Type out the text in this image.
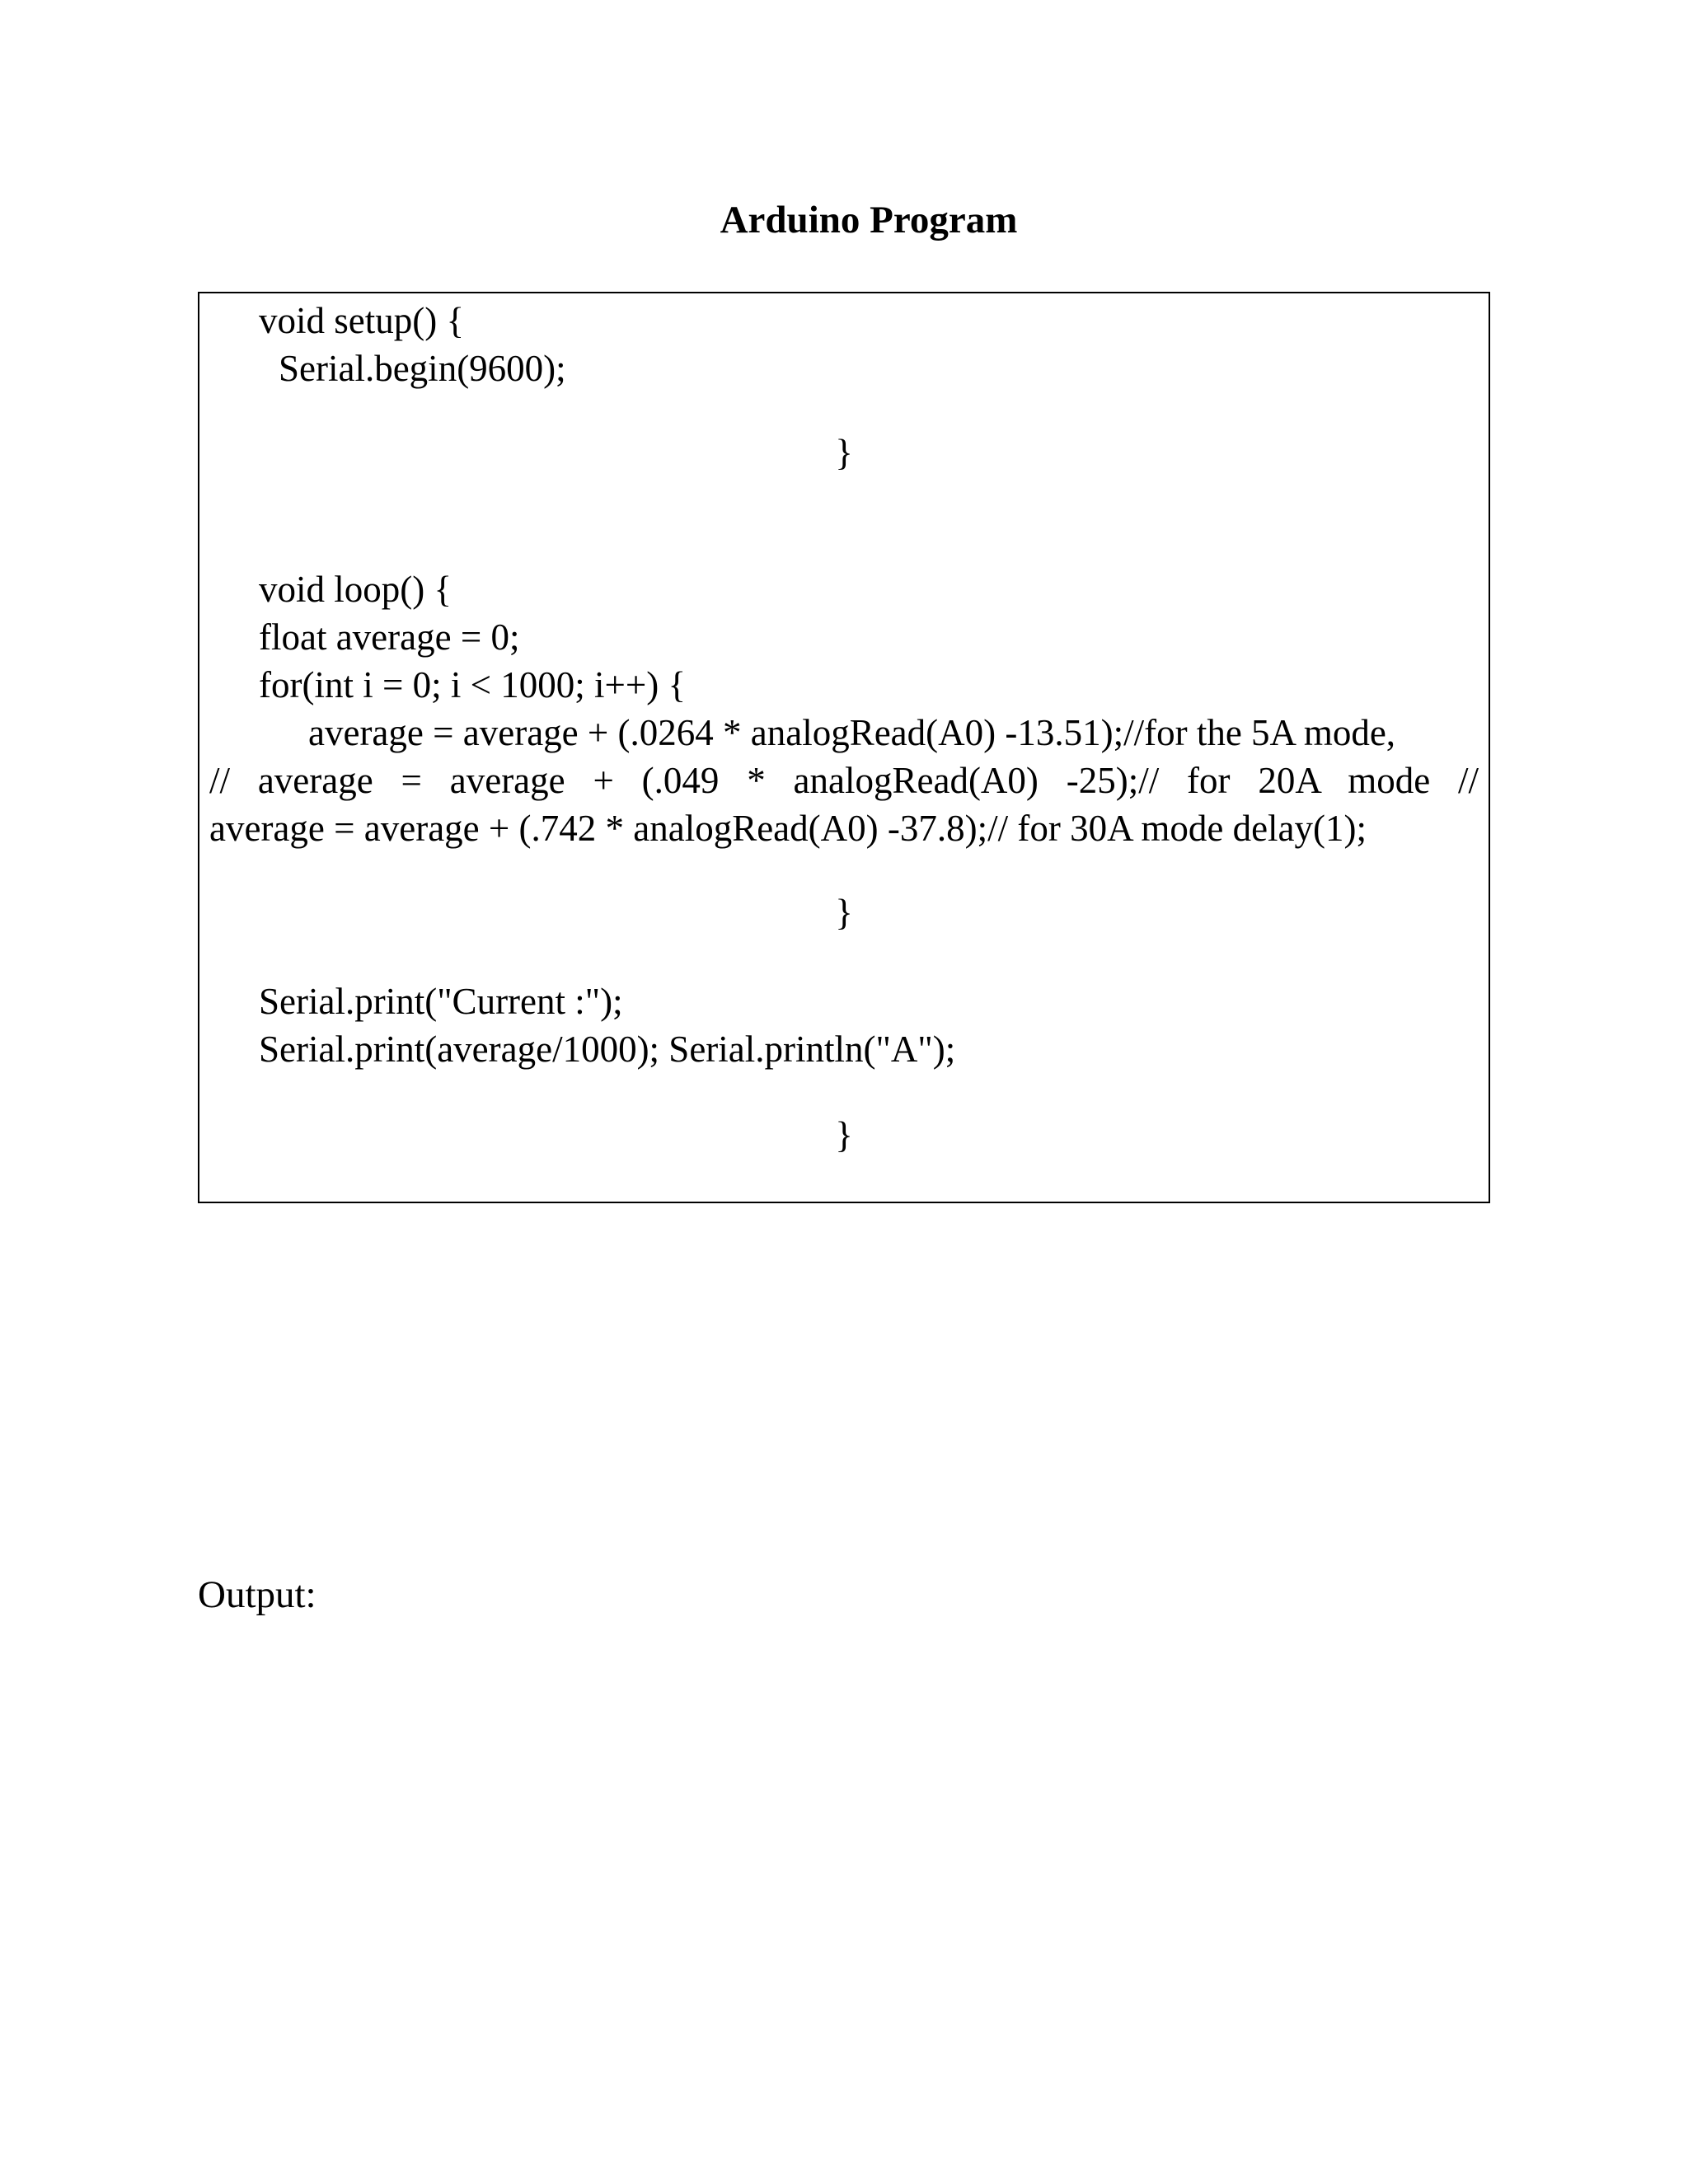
Arduino Program
void setup() {
Serial.begin(9600);
}
void loop() {
float average = 0;
for(int i = 0; i < 1000; i++) {
average = average + (.0264 * analogRead(A0) -13.51);//for the 5A mode,
// average = average + (.049 * analogRead(A0) -25);// for 20A mode //
average = average + (.742 * analogRead(A0) -37.8);// for 30A mode delay(1);
}
Serial.print("Current :");
Serial.print(average/1000); Serial.println("A");
}
Output:
